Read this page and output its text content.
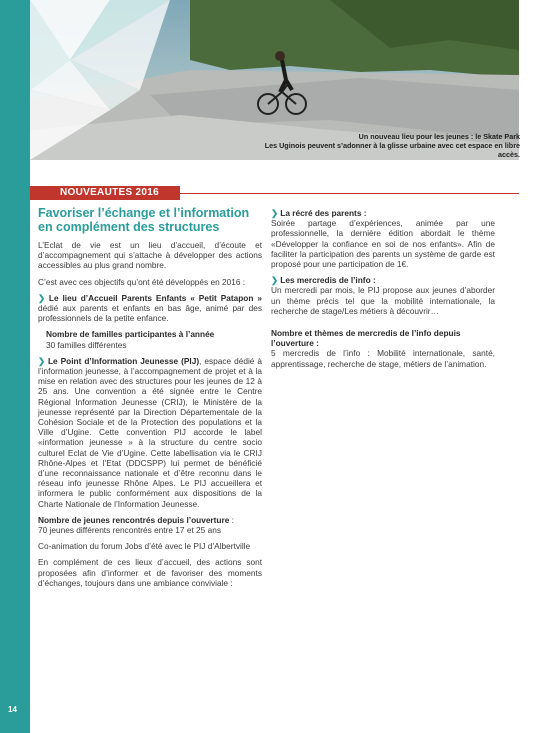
Un nouveau lieu pour les jeunes : le Skate Park
Les Uginois peuvent s’adonner à la glisse urbaine avec cet espace en libre accès.
NOUVEAUTES 2016
Favoriser l’échange et l’information en complément des structures

L’Eclat de vie est un lieu d’accueil, d’écoute et d’accompagnement qui s’attache à développer des actions accessibles au plus grand nombre.

C’est avec ces objectifs qu’ont été développés en 2016 :

❯ Le lieu d’Accueil Parents Enfants « Petit Patapon » dédié aux parents et enfants en bas âge, animé par des professionnels de la petite enfance.

Nombre de familles participantes à l’année
30 familles différentes

❯ Le Point d’Information Jeunesse (PIJ), espace dédié à l’information jeunesse, à l’accompagnement de projet et à la mise en relation avec des structures pour les jeunes de 12 à 25 ans. Une convention a été signée entre le Centre Régional Information Jeunesse (CRIJ), le Ministère de la jeunesse représenté par la Direction Départementale de la Cohésion Sociale et de la Protection des populations et la Ville d’Ugine. Cette convention PIJ accorde le label «information jeunesse » à la structure du centre socio culturel Eclat de Vie d’Ugine. Cette labellisation via le CRIJ Rhône-Alpes et l’Etat (DDCSPP) lui permet de bénéficié d’une reconnaissance nationale et d’être reconnu dans le réseau info jeunesse Rhône Alpes. Le PIJ accueillera et informera le public conformément aux dispositions de la Charte Nationale de l’Information Jeunesse.

Nombre de jeunes rencontrés depuis l’ouverture :
70 jeunes différents rencontrés entre 17 et 25 ans

Co-animation du forum Jobs d’été avec le PIJ d’Albertville

En complément de ces lieux d’accueil, des actions sont proposées afin d’informer et de favoriser des moments d’échanges, toujours dans une ambiance conviviale :

❯ La récré des parents :

Soirée partage d’expériences, animée par une professionnelle, la dernière édition abordait le thème «Développer la confiance en soi de nos enfants». Afin de faciliter la participation des parents un système de garde est proposé pour une participation de 1€.

❯ Les mercredis de l’info :

Un mercredi par mois, le PIJ propose aux jeunes d’aborder un thème précis tel que la mobilité internationale, la recherche de stage/Les métiers à découvrir…

Nombre et thèmes de mercredis de l’info depuis l’ouverture :

5 mercredis de l’info : Mobilité internationale, santé, apprentissage, recherche de stage, métiers de l’animation.

14
